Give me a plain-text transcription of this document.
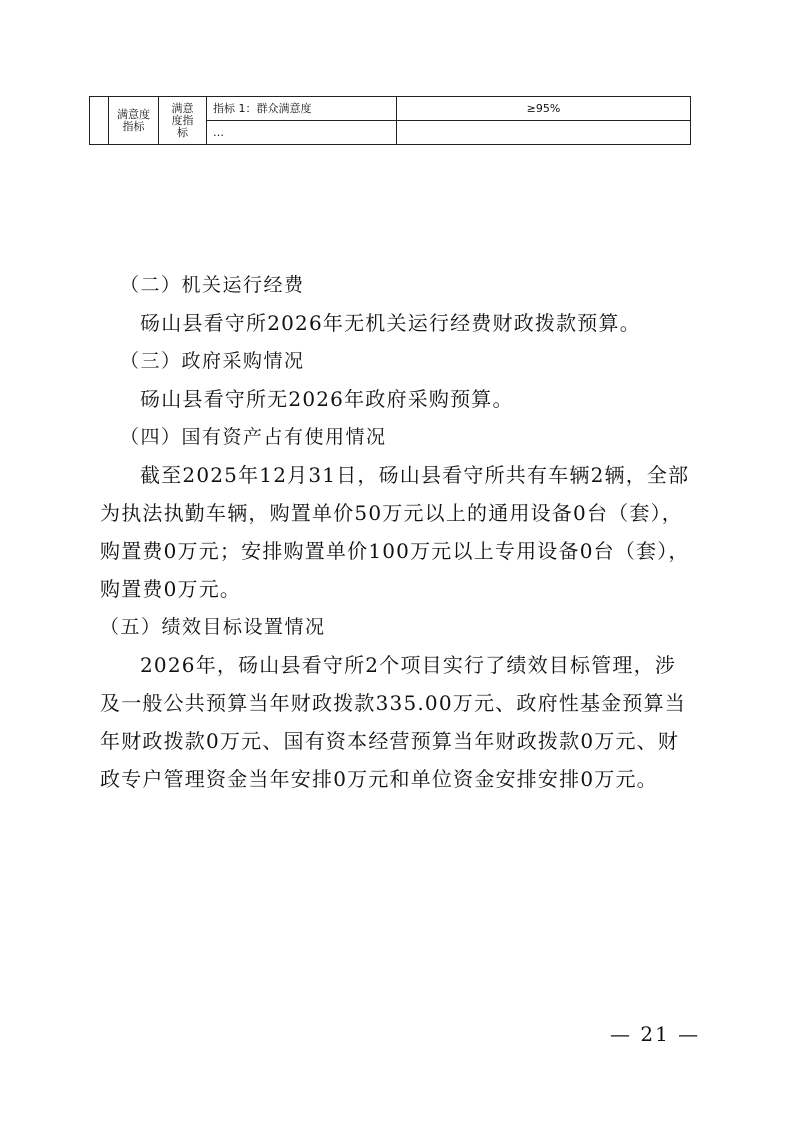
	满意度指标	满意度指标	指标 1：群众满意度	≥95%
			…	
（二）机关运行经费
砀山县看守所2026年无机关运行经费财政拨款预算。
（三）政府采购情况
砀山县看守所无2026年政府采购预算。
（四）国有资产占有使用情况
截至2025年12月31日，砀山县看守所共有车辆2辆，全部
为执法执勤车辆，购置单价50万元以上的通用设备0台（套），
购置费0万元；安排购置单价100万元以上专用设备0台（套），
购置费0万元。
（五）绩效目标设置情况
2026年，砀山县看守所2个项目实行了绩效目标管理，涉
及一般公共预算当年财政拨款335.00万元、政府性基金预算当
年财政拨款0万元、国有资本经营预算当年财政拨款0万元、财
政专户管理资金当年安排0万元和单位资金安排安排0万元。
— 21 —
